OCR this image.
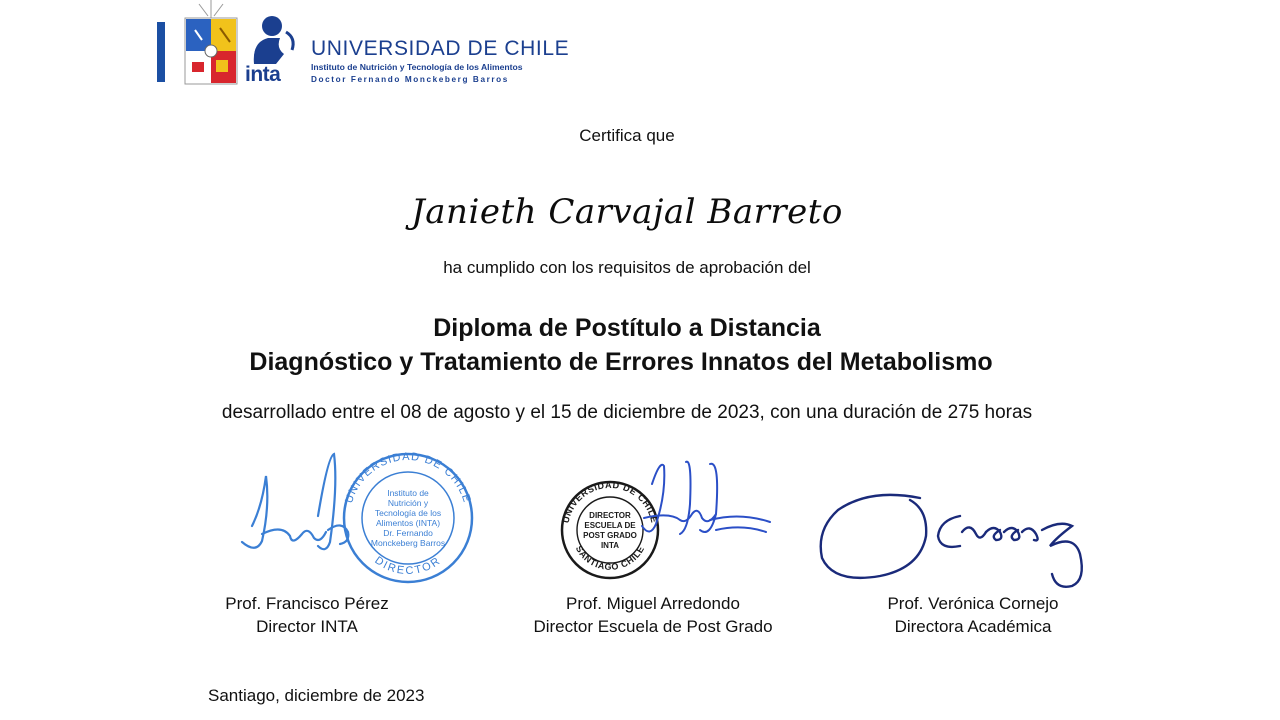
inta
UNIVERSIDAD DE CHILE
Instituto de Nutrición y Tecnología de los Alimentos
Doctor Fernando Monckeberg Barros
Certifica que
Janieth Carvajal Barreto
ha cumplido con los requisitos de aprobación del
Diploma de Postítulo a Distancia
Diagnóstico y Tratamiento de Errores Innatos del Metabolismo
desarrollado entre el 08 de agosto y el 15 de diciembre de 2023, con una duración de 275 horas
UNIVERSIDAD DE CHILE
DIRECTOR
Instituto de
Nutrición y
Tecnología de los
Alimentos (INTA)
Dr. Fernando
Monckeberg Barros
Prof. Francisco Pérez
Director INTA
UNIVERSIDAD DE CHILE
SANTIAGO CHILE
DIRECTOR
ESCUELA DE
POST GRADO
INTA
Prof. Miguel Arredondo
Director Escuela de Post Grado
Prof. Verónica Cornejo
Directora Académica
Santiago, diciembre de 2023
